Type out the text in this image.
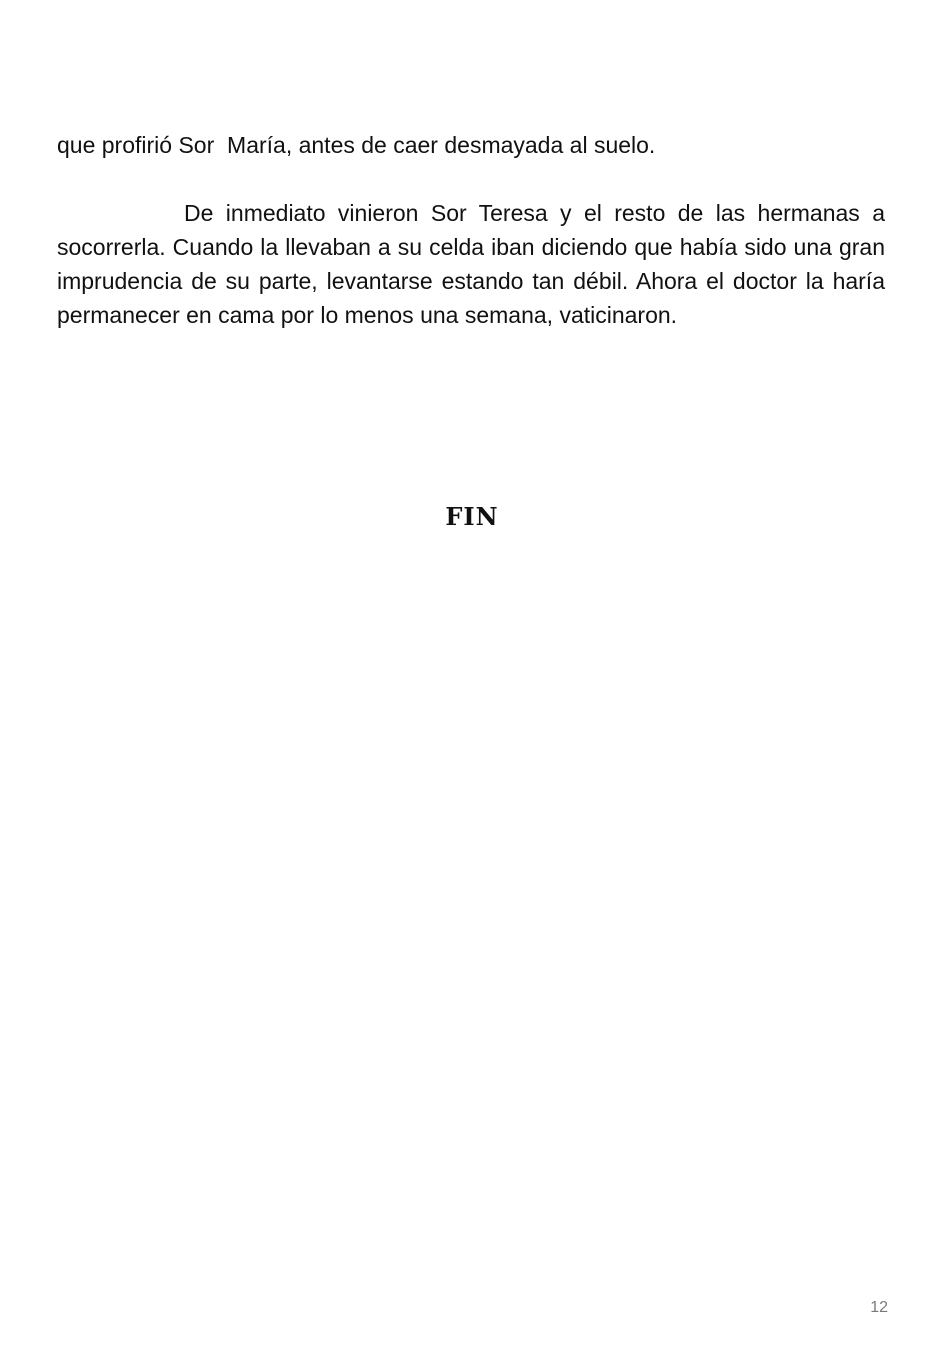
que profirió Sor  María, antes de caer desmayada al suelo.

De inmediato vinieron Sor Teresa y el resto de las hermanas a socorrerla. Cuando la llevaban a su celda iban diciendo que había sido una gran imprudencia de su parte, levantarse estando tan débil. Ahora el doctor la haría permanecer en cama por lo menos una semana, vaticinaron.

FIN
12
